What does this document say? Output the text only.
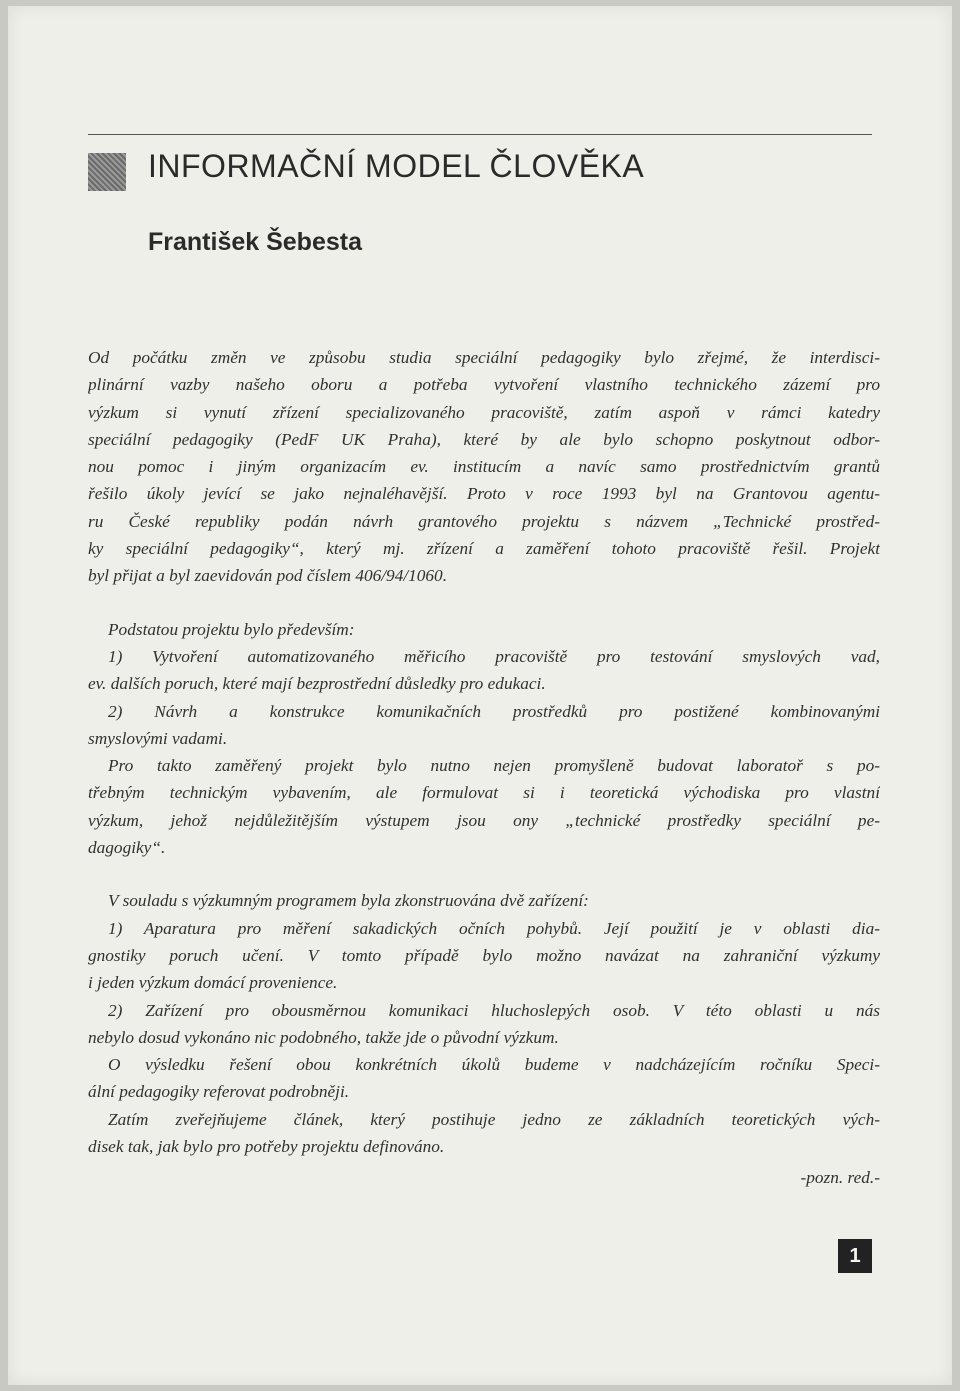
INFORMAČNÍ MODEL ČLOVĚKA
František Šebesta
Od počátku změn ve způsobu studia speciální pedagogiky bylo zřejmé, že interdisci-
plinární vazby našeho oboru a potřeba vytvoření vlastního technického zázemí pro
výzkum si vynutí zřízení specializovaného pracoviště, zatím aspoň v rámci katedry
speciální pedagogiky (PedF UK Praha), které by ale bylo schopno poskytnout odbor-
nou pomoc i jiným organizacím ev. institucím a navíc samo prostřednictvím grantů
řešilo úkoly jevící se jako nejnaléhavější. Proto v roce 1993 byl na Grantovou agentu-
ru České republiky podán návrh grantového projektu s názvem „Technické prostřed-
ky speciální pedagogiky“, který mj. zřízení a zaměření tohoto pracoviště řešil. Projekt
byl přijat a byl zaevidován pod číslem 406/94/1060.
Podstatou projektu bylo především:
1) Vytvoření automatizovaného měřicího pracoviště pro testování smyslových vad,
ev. dalších poruch, které mají bezprostřední důsledky pro edukaci.
2) Návrh a konstrukce komunikačních prostředků pro postižené kombinovanými
smyslovými vadami.
Pro takto zaměřený projekt bylo nutno nejen promyšleně budovat laboratoř s po-
třebným technickým vybavením, ale formulovat si i teoretická východiska pro vlastní
výzkum, jehož nejdůležitějším výstupem jsou ony „technické prostředky speciální pe-
dagogiky“.
V souladu s výzkumným programem byla zkonstruována dvě zařízení:
1) Aparatura pro měření sakadických očních pohybů. Její použití je v oblasti dia-
gnostiky poruch učení. V tomto případě bylo možno navázat na zahraniční výzkumy
i jeden výzkum domácí provenience.
2) Zařízení pro obousměrnou komunikaci hluchoslepých osob. V této oblasti u nás
nebylo dosud vykonáno nic podobného, takže jde o původní výzkum.
O výsledku řešení obou konkrétních úkolů budeme v nadcházejícím ročníku Speci-
ální pedagogiky referovat podrobněji.
Zatím zveřejňujeme článek, který postihuje jedno ze základních teoretických vých-
disek tak, jak bylo pro potřeby projektu definováno.
-pozn. red.-
1
